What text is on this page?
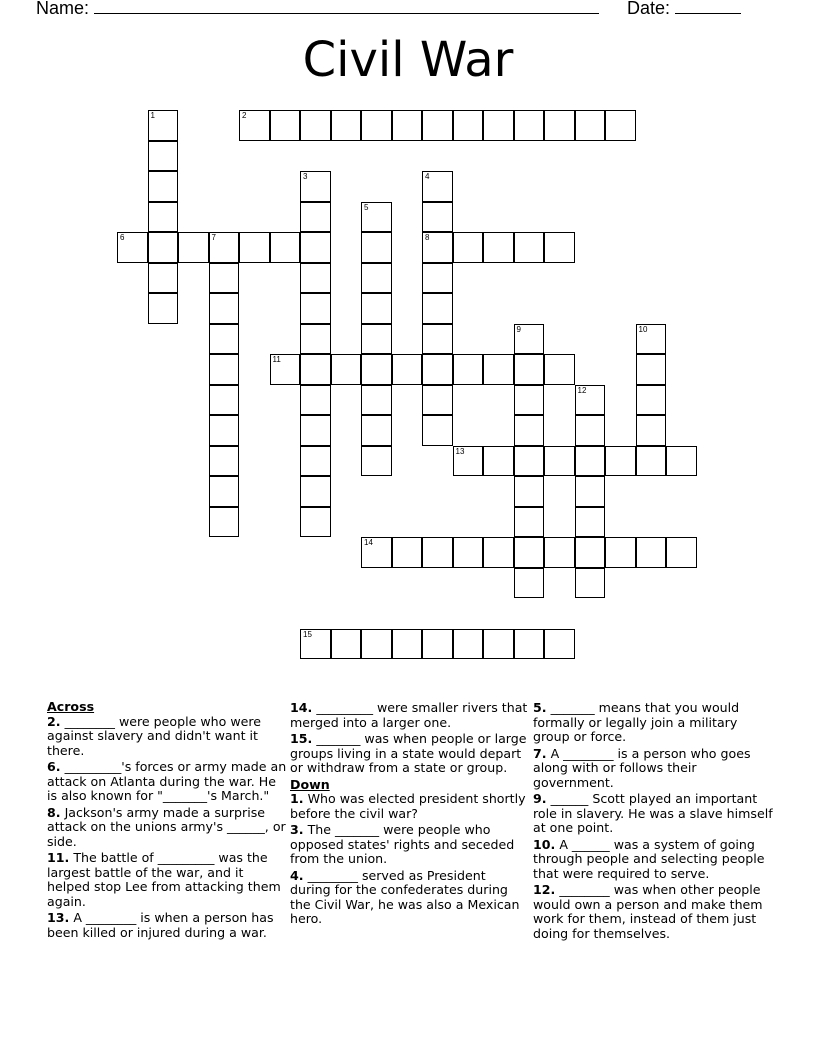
Name:	Date:
Civil War
1	2
3	4
8
5
6	7
9	10
11
12
13
14
15
Across
2. ________ were people who were against slavery and didn't want it there.
6. _________'s forces or army made an attack on Atlanta during the war. He is also known for "_______'s March."
8. Jackson's army made a surprise attack on the unions army's ______, or side.
11. The battle of _________ was the largest battle of the war, and it helped stop Lee from attacking them again.
13. A ________ is when a person has been killed or injured during a war.
14. _________ were smaller rivers that merged into a larger one.
15. _______ was when people or large groups living in a state would depart or withdraw from a state or group.
Down
1. Who was elected president shortly before the civil war?
3. The _______ were people who opposed states' rights and seceded from the union.
4. ________ served as President during for the confederates during the Civil War, he was also a Mexican hero.
5. _______ means that you would formally or legally join a military group or force.
7. A ________ is a person who goes along with or follows their government.
9. ______ Scott played an important role in slavery. He was a slave himself at one point.
10. A ______ was a system of going through people and selecting people that were required to serve.
12. ________ was when other people would own a person and make them work for them, instead of them just doing for themselves.
